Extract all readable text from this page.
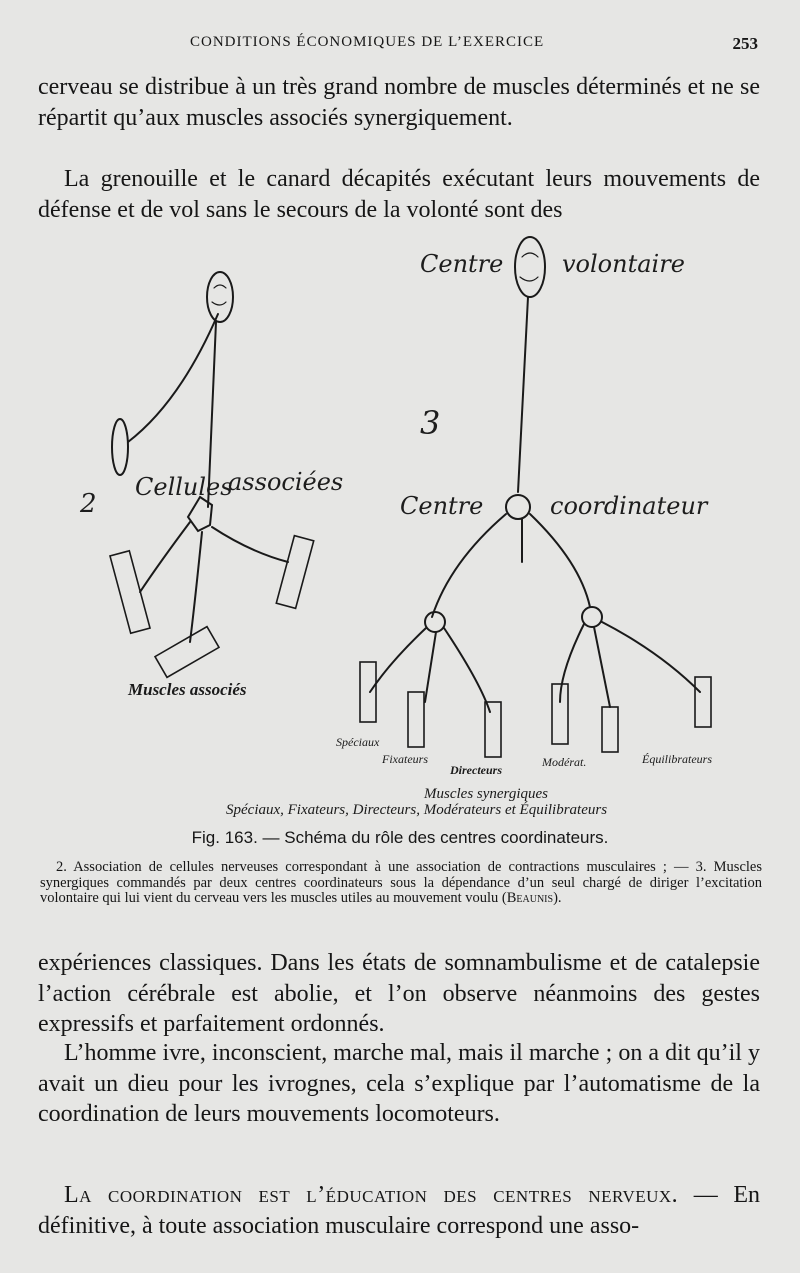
CONDITIONS ÉCONOMIQUES DE L’EXERCICE	253
cerveau se distribue à un très grand nombre de muscles déterminés et ne se répartit qu’aux muscles associés synergiquement.
La grenouille et le canard décapités exécutant leurs mouvements de défense et de vol sans le secours de la volonté sont des
Centre volontaire
3
2
Cellules
associées
Centre	coordinateur
Muscles associés
Spéciaux
Fixateurs
Directeurs
Modérat.	Équilibrateurs
Muscles synergiques
Spéciaux, Fixateurs, Directeurs, Modérateurs et Équilibrateurs
Fig. 163. — Schéma du rôle des centres coordinateurs.
2. Association de cellules nerveuses correspondant à une association de contractions musculaires ; — 3. Muscles synergiques commandés par deux centres coordinateurs sous la dépendance d’un seul chargé de diriger l’excitation volontaire qui lui vient du cerveau vers les muscles utiles au mouvement voulu (Beaunis).
expériences classiques. Dans les états de somnambulisme et de catalepsie l’action cérébrale est abolie, et l’on observe néanmoins des gestes expressifs et parfaitement ordonnés.
L’homme ivre, inconscient, marche mal, mais il marche ; on a dit qu’il y avait un dieu pour les ivrognes, cela s’explique par l’automatisme de la coordination de leurs mouvements locomoteurs.
La coordination est l’éducation des centres nerveux. — En définitive, à toute association musculaire correspond une asso-
